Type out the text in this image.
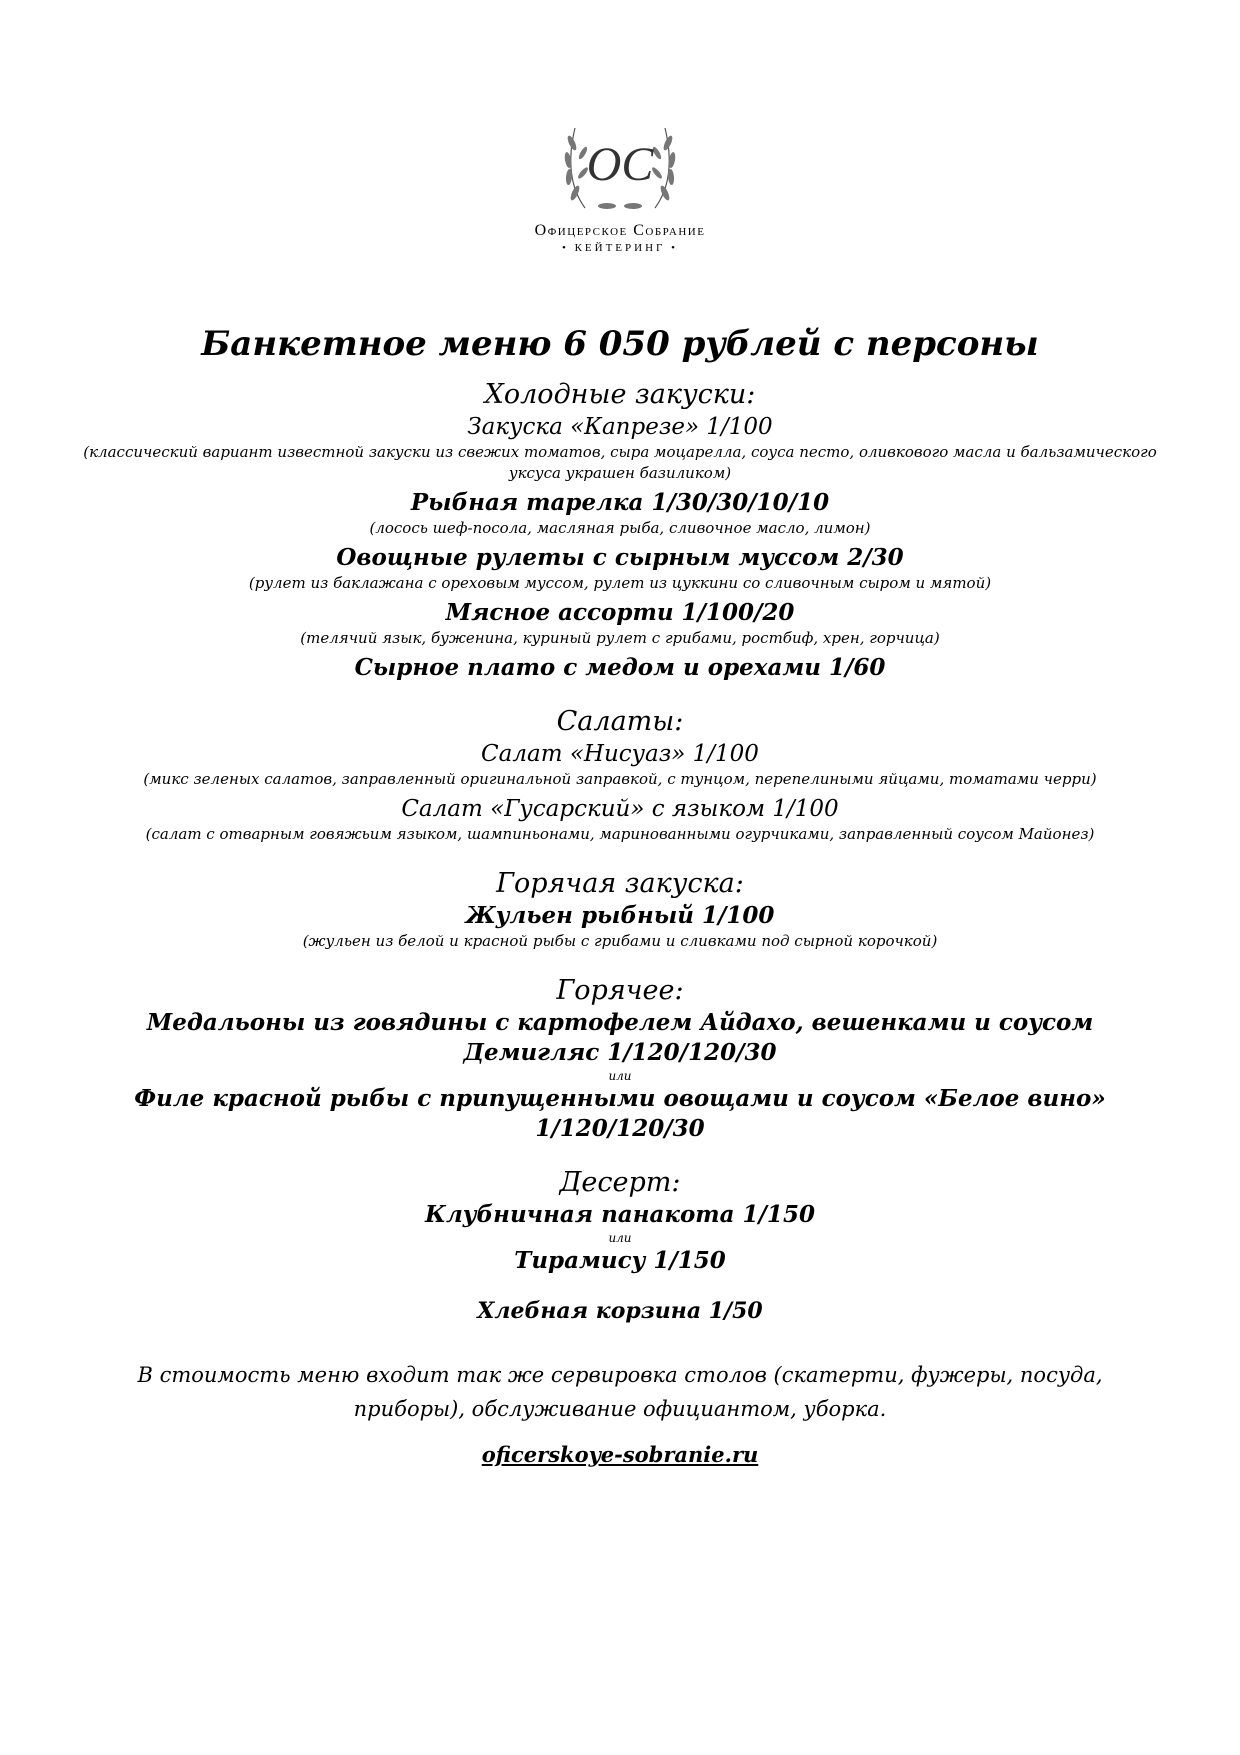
OC
Офицерское Собрание
• КЕЙТЕРИНГ •
Банкетное меню 6 050 рублей с персоны
Холодные закуски:
Закуска «Капрезе» 1/100
(классический вариант известной закуски из свежих томатов, сыра моцарелла, соуса песто, оливкового масла и бальзамического уксуса украшен базиликом)
Рыбная тарелка 1/30/30/10/10
(лосось шеф-посола, масляная рыба, сливочное масло, лимон)
Овощные рулеты с сырным муссом 2/30
(рулет из баклажана с ореховым муссом, рулет из цуккини со сливочным сыром и мятой)
Мясное ассорти 1/100/20
(телячий язык, буженина, куриный рулет с грибами, ростбиф, хрен, горчица)
Сырное плато с медом и орехами 1/60
Салаты:
Салат «Нисуаз» 1/100
(микс зеленых салатов, заправленный оригинальной заправкой, с тунцом, перепелиными яйцами, томатами черри)
Салат «Гусарский» с языком 1/100
(салат с отварным говяжьим языком, шампиньонами, маринованными огурчиками, заправленный соусом Майонез)
Горячая закуска:
Жульен рыбный 1/100
(жульен из белой и красной рыбы с грибами и сливками под сырной корочкой)
Горячее:
Медальоны из говядины с картофелем Айдахо, вешенками и соусом Демигляс 1/120/120/30
или
Филе красной рыбы с припущенными овощами и соусом «Белое вино» 1/120/120/30
Десерт:
Клубничная панакота 1/150
или
Тирамису 1/150
Хлебная корзина 1/50
В стоимость меню входит так же сервировка столов (скатерти, фужеры, посуда, приборы), обслуживание официантом, уборка.
oficerskoye-sobranie.ru
